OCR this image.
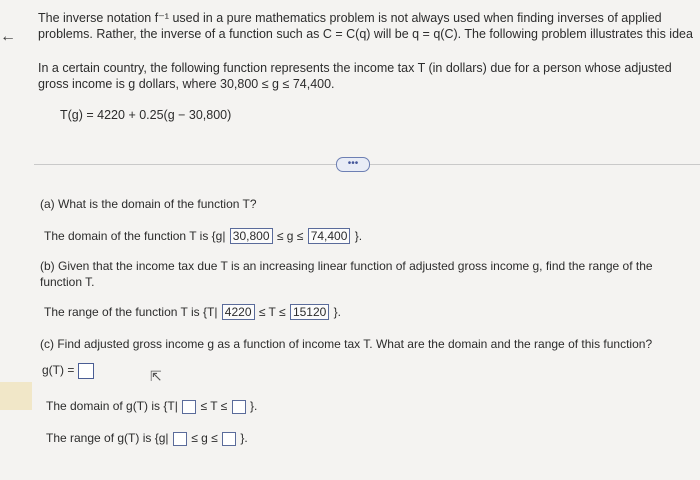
←
The inverse notation f⁻¹ used in a pure mathematics problem is not always used when finding inverses of applied
problems. Rather, the inverse of a function such as C = C(q) will be q = q(C). The following problem illustrates this idea
In a certain country, the following function represents the income tax T (in dollars) due for a person whose adjusted
gross income is g dollars, where 30,800 ≤ g ≤ 74,400.
T(g) = 4220 + 0.25(g − 30,800)
•••
(a) What is the domain of the function T?
The domain of the function T is {g| 30,800 ≤ g ≤ 74,400 }.
(b) Given that the income tax due T is an increasing linear function of adjusted gross income g, find the range of the
function T.
The range of the function T is {T| 4220 ≤ T ≤ 15120 }.
(c) Find adjusted gross income g as a function of income tax T. What are the domain and the range of this function?
g(T) =	⇱
The domain of g(T) is {T| ≤ T ≤ }.
The range of g(T) is {g| ≤ g ≤ }.
